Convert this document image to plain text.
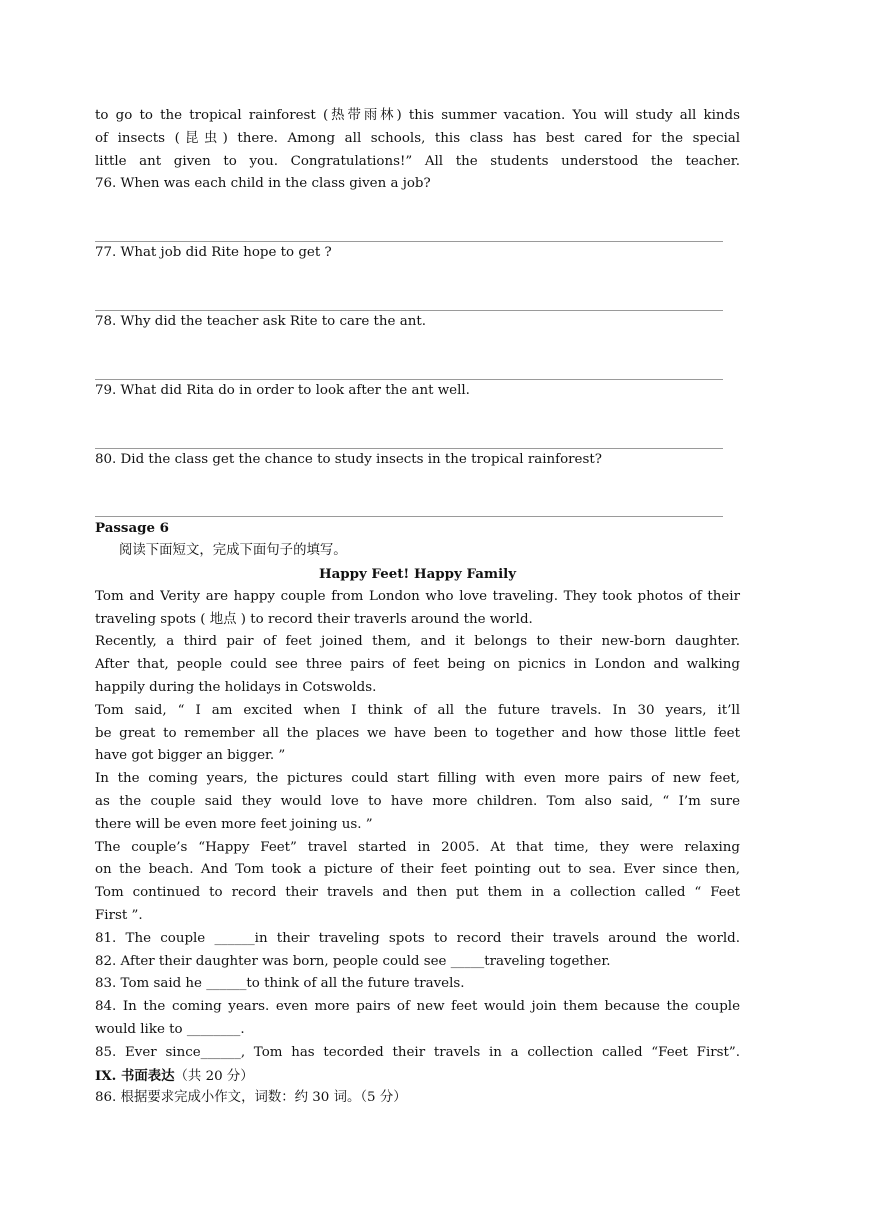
to go to the tropical rainforest (热带雨林) this summer vacation. You will study all kinds
of insects (昆虫) there. Among all schools, this class has best cared for the special
little ant given to you. Congratulations!” All the students understood the teacher.
76. When was each child in the class given a job?
77. What job did Rite hope to get ?
78. Why did the teacher ask Rite to care the ant.
79. What did Rita do in order to look after the ant well.
80. Did the class get the chance to study insects in the tropical rainforest?
Passage 6
阅读下面短文，完成下面句子的填写。
Happy Feet! Happy Family
Tom and Verity are happy couple from London who love traveling. They took photos of their
traveling spots ( 地点 ) to record their traverls around the world.
Recently, a third pair of feet joined them, and it belongs to their new-born daughter.
After that, people could see three pairs of feet being on picnics in London and walking
happily during the holidays in Cotswolds.
Tom said, “ I am excited when I think of all the future travels. In 30 years, it’ll
be great to remember all the places we have been to together and how those little feet
have got bigger an bigger. ”
In the coming years, the pictures could start filling with even more pairs of new feet,
as the couple said they would love to have more children. Tom also said, “ I’m sure
there will be even more feet joining us. ”
The couple’s “Happy Feet” travel started in 2005. At that time, they were relaxing
on the beach. And Tom took a picture of their feet pointing out to sea. Ever since then,
Tom continued to record their travels and then put them in a collection called “ Feet
First ”.
81. The couple ______in their traveling spots to record their travels around the world.
82. After their daughter was born, people could see _____traveling together.
83. Tom said he ______to think of all the future travels.
84. In the coming years. even more pairs of new feet would join them because the couple
would like to ________.
85. Ever since______, Tom has tecorded their travels in a collection called “Feet First”.
IX. 书面表达（共 20 分）
86. 根据要求完成小作文，词数：约 30 词。（5 分）
